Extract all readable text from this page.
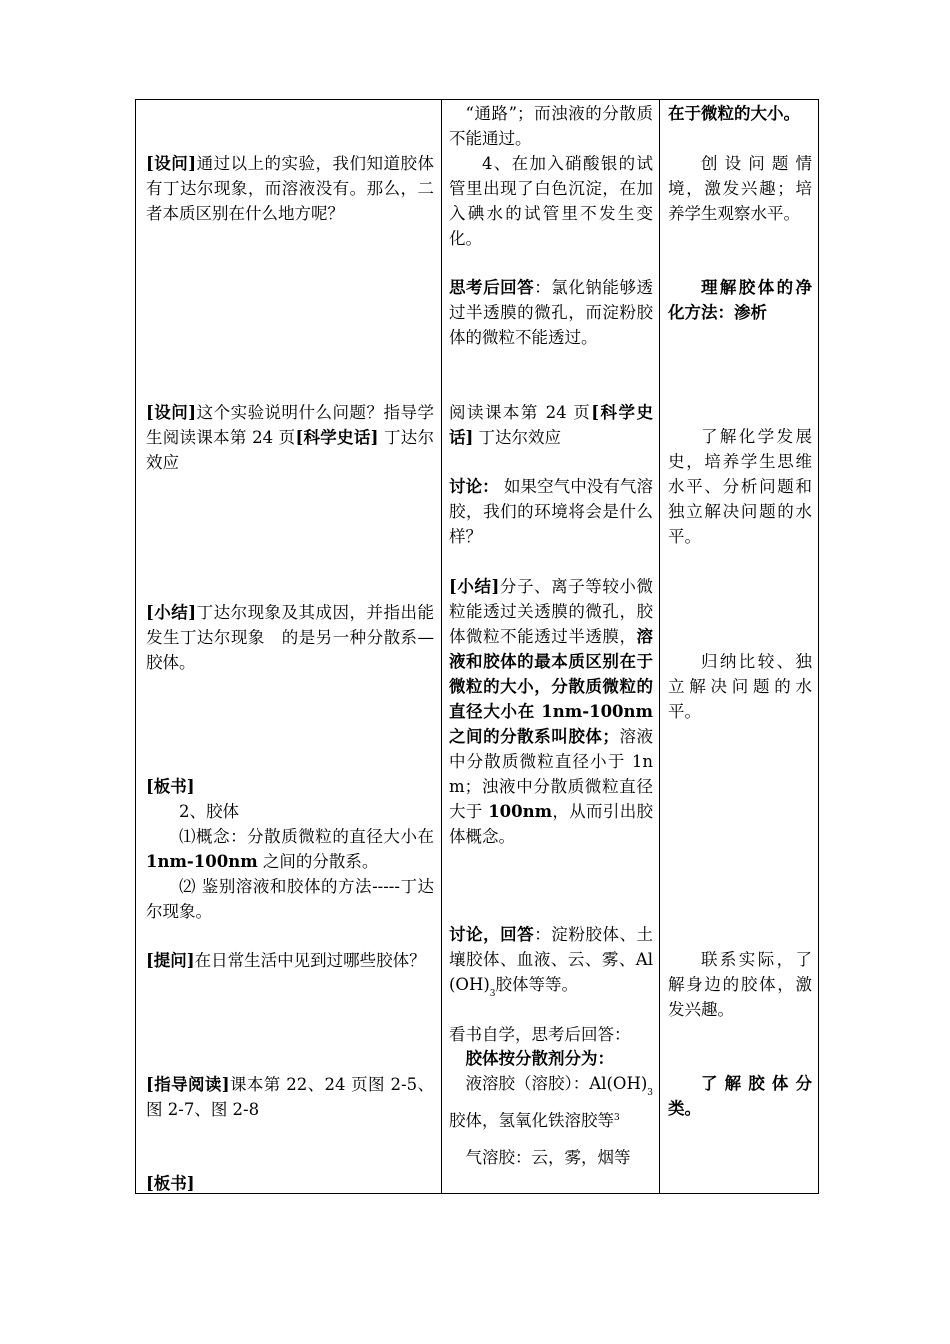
[设问]通过以上的实验，我们知道胶体有丁达尔现象，而溶液没有。那么，二者本质区别在什么地方呢？

[设问]这个实验说明什么问题？指导学生阅读课本第 24 页[科学史话] 丁达尔效应

[小结]丁达尔现象及其成因，并指出能发生丁达尔现象　的是另一种分散系—胶体。

[板书]

2、胶体

⑴概念：分散质微粒的直径大小在 1nm-100nm 之间的分散系。

⑵ 鉴别溶液和胶体的方法-----丁达尔现象。

[提问]在日常生活中见到过哪些胶体？

[指导阅读]课本第 22、24 页图 2-5、图 2-7、图 2-8

[板书]

“通路”；而浊液的分散质不能通过。

4、在加入硝酸银的试管里出现了白色沉淀，在加入碘水的试管里不发生变化。

思考后回答：氯化钠能够透过半透膜的微孔，而淀粉胶体的微粒不能透过。

阅读课本第 24 页[科学史话] 丁达尔效应

讨论： 如果空气中没有气溶胶，我们的环境将会是什么样？

[小结]分子、离子等较小微粒能透过关透膜的微孔，胶体微粒不能透过半透膜，溶液和胶体的最本质区别在于微粒的大小，分散质微粒的直径大小在 1nm-100nm 之间的分散系叫胶体；溶液中分散质微粒直径小于 1nm；浊液中分散质微粒直径大于 100nm，从而引出胶体概念。

讨论，回答：淀粉胶体、土壤胶体、血液、云、雾、$Al(OH)_3$胶体等等。

看书自学，思考后回答：

胶体按分散剂分为：

液溶胶（溶胶）：$Al(OH)_3$胶体，氢氧化铁溶胶等$^3$

气溶胶：云，雾，烟等

在于微粒的大小。

创设问题情境，激发兴趣；培养学生观察水平。

理解胶体的净化方法：渗析

了解化学发展史，培养学生思维水平、分析问题和独立解决问题的水平。

归纳比较、独立解决问题的水平。

联系实际，了解身边的胶体，激发兴趣。

了解胶体分类。
